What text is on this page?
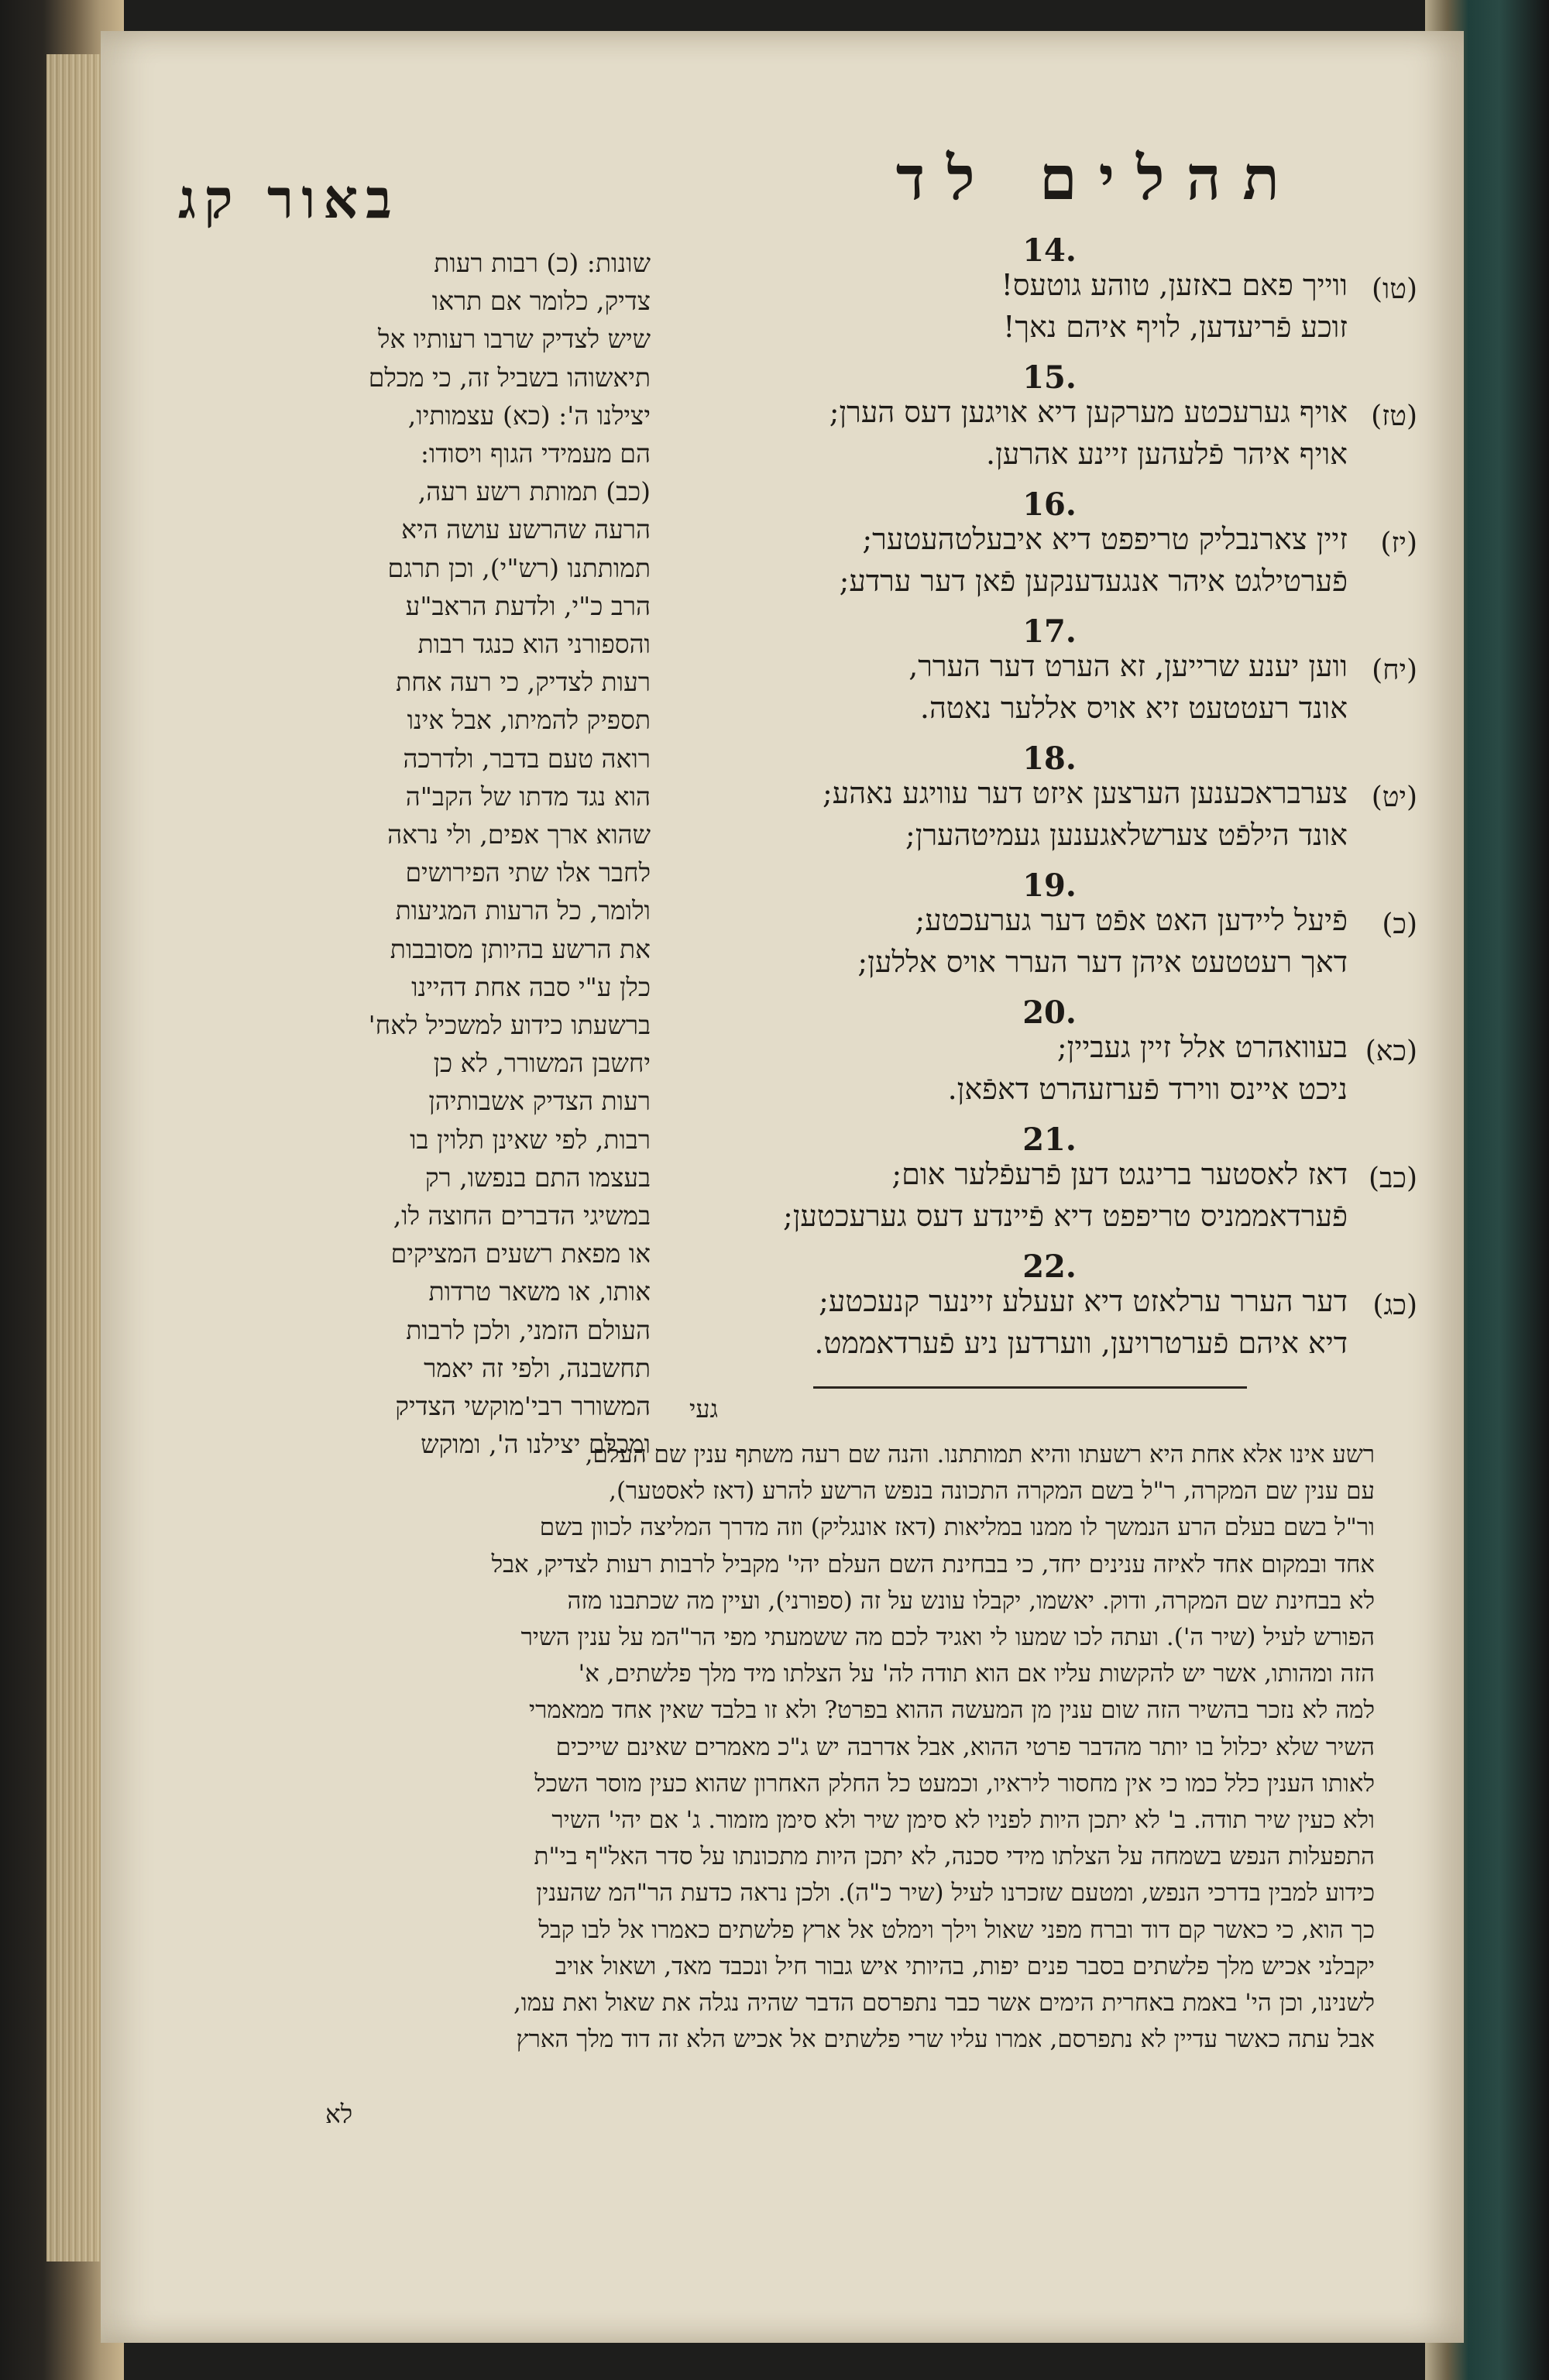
תהלים לד
באור קג
שונות: (כ) רבות רעות
צדיק, כלומר אם תראו
שיש לצדיק שרבו רעותיו אל
תיאשוהו בשביל זה, כי מכלם
יצילנו ה': (כא) עצמותיו,
הם מעמידי הגוף ויסודו:
(כב) תמותת רשע רעה,
הרעה שהרשע עושה היא
תמותתנו (רש"י), וכן תרגם
הרב כ"י, ולדעת הראב"ע
והספורני הוא כנגד רבות
רעות לצדיק, כי רעה אחת
תספיק להמיתו, אבל אינו
רואה טעם בדבר, ולדרכה
הוא נגד מדתו של הקב"ה
שהוא ארך אפים, ולי נראה
לחבר אלו שתי הפירושים
ולומר, כל הרעות המגיעות
את הרשע בהיותן מסובבות
כלן ע"י סבה אחת דהיינו
ברשעתו כידוע למשכיל לאח'
יחשבן המשורר, לא כן
רעות הצדיק אשבותיהן
רבות, לפי שאינן תלוין בו
בעצמו התם בנפשו, רק
במשיגי הדברים החוצה לו,
או מפאת רשעים המציקים
אותו, או משאר טרדות
העולם הזמני, ולכן לרבות
תחשבנה, ולפי זה יאמר
המשורר רבי'מוקשי הצדיק
ומכלם יצילנו ה', ומוקש
14.
(טו)
ווייך פאם באזען, טוהע גוטעס!
זוכע פֿריעדען, לויף איהם נאך!
15.
(טז)
אויף גערעכטע מערקען דיא אויגען דעס הערן;
אויף איהר פֿלעהען זיינע אהרען.
16.
(יז)
זיין צארנבליק טריפפט דיא איבעלטהעטער;
פֿערטילגט איהר אנגעדענקען פֿאן דער ערדע;
17.
(יח)
ווען יענע שרייען, זא הערט דער הערר,
אונד רעטטעט זיא אויס אללער נאטה.
18.
(יט)
צערבראכענען הערצען איזט דער עוויגע נאהע;
אונד הילפֿט צערשלאגענען געמיטהערן;
19.
(כ)
פֿיעל ליידען האט אפֿט דער גערעכטע;
דאך רעטטעט איהן דער הערר אויס אללען;
20.
(כא)
בעוואהרט אלל זיין געביין;
ניכט איינס ווירד פֿערזעהרט דאפֿאן.
21.
(כב)
דאז לאסטער ברינגט דען פֿרעפֿלער אום;
פֿערדאממניס טריפפט דיא פֿיינדע דעס גערעכטען;
22.
(כג)
דער הערר ערלאזט דיא זעעלע זיינער קנעכטע;
דיא איהם פֿערטרויען, ווערדען ניע פֿערדאממט.
געי
רשע אינו אלא אחת היא רשעתו והיא תמותתנו. והנה שם רעה משתף ענין שם העלם,
עם ענין שם המקרה, ר"ל בשם המקרה התכונה בנפש הרשע להרע (דאז לאסטער),
ור"ל בשם בעלם הרע הנמשך לו ממנו במליאות (דאז אונגליק) וזה מדרך המליצה לכוון בשם
אחד ובמקום אחד לאיזה ענינים יחד, כי בבחינת השם העלם יהי' מקביל לרבות רעות לצדיק, אבל
לא בבחינת שם המקרה, ודוק. יאשמו, יקבלו עונש על זה (ספורני), ועיין מה שכתבנו מזה
הפורש לעיל (שיר ה'). ועתה לכו שמעו לי ואגיד לכם מה ששמעתי מפי הר"המ על ענין השיר
הזה ומהותו, אשר יש להקשות עליו אם הוא תודה לה' על הצלתו מיד מלך פלשתים, א'
למה לא נזכר בהשיר הזה שום ענין מן המעשה ההוא בפרט? ולא זו בלבד שאין אחד ממאמרי
השיר שלא יכלול בו יותר מהדבר פרטי ההוא, אבל אדרבה יש ג"כ מאמרים שאינם שייכים
לאותו הענין כלל כמו כי אין מחסור ליראיו, וכמעט כל החלק האחרון שהוא כעין מוסר השכל
ולא כעין שיר תודה. ב' לא יתכן היות לפניו לא סימן שיר ולא סימן מזמור. ג' אם יהי' השיר
התפעלות הנפש בשמחה על הצלתו מידי סכנה, לא יתכן היות מתכונתו על סדר האל"ף בי"ת
כידוע למבין בדרכי הנפש, ומטעם שזכרנו לעיל (שיר כ"ה). ולכן נראה כדעת הר"המ שהענין
כך הוא, כי כאשר קם דוד וברח מפני שאול וילך וימלט אל ארץ פלשתים כאמרו אל לבו קבל
יקבלני אכיש מלך פלשתים בסבר פנים יפות, בהיותי איש גבור חיל ונכבד מאד, ושאול אויב
לשנינו, וכן הי' באמת באחרית הימים אשר כבר נתפרסם הדבר שהיה נגלה את שאול ואת עמו,
אבל עתה כאשר עדיין לא נתפרסם, אמרו עליו שרי פלשתים אל אכיש הלא זה דוד מלך הארץ
לא
